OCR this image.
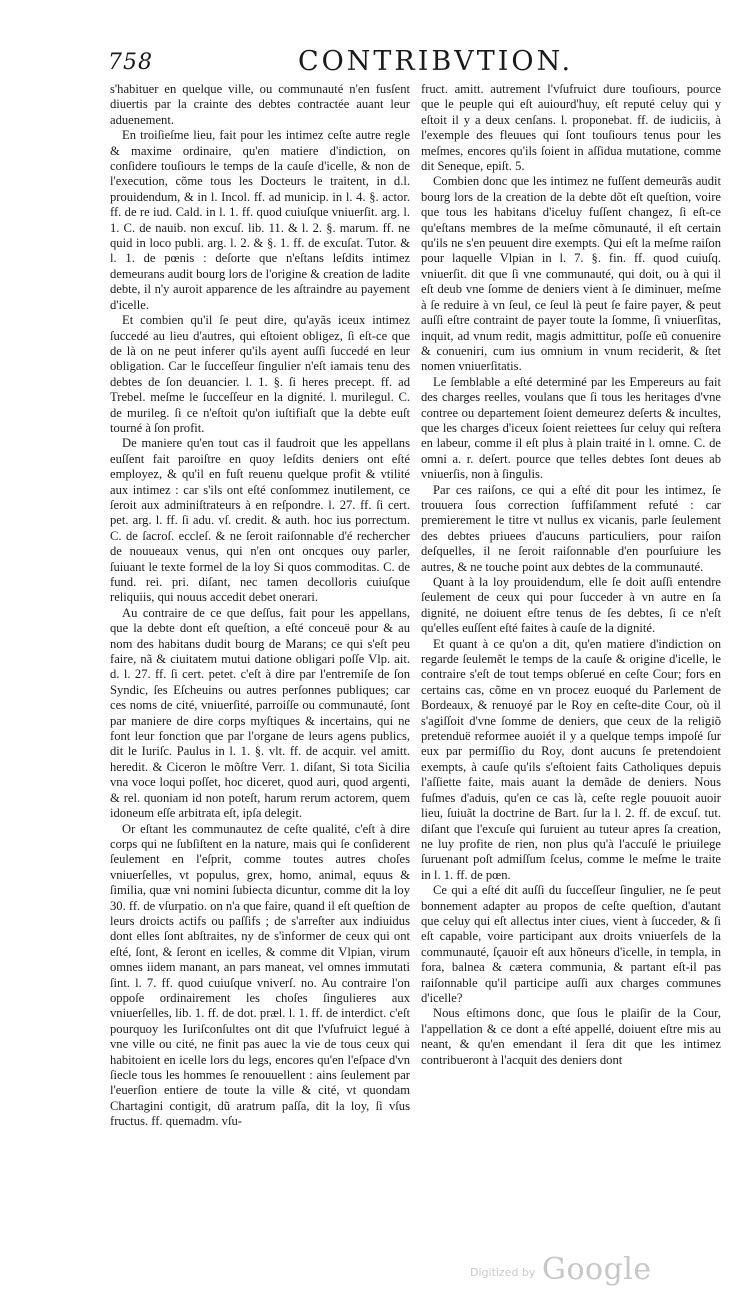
758	CONTRIBVTION.

s'habituer en quelque ville, ou communauté n'en fusſent diuertis par la crainte des debtes contractée auant leur aduenement.

En troiſieſme lieu, fait pour les intimez ceſte autre regle & maxime ordinaire, qu'en matiere d'indiction, on conſidere touſiours le temps de la cauſe d'icelle, & non de l'execution, cõme tous les Docteurs le traitent, in d.l. prouidendum, & in l. Incol. ff. ad municip. in l. 4. §. actor. ff. de re iud. Cald. in l. 1. ff. quod cuiuſque vniuerſit. arg. l. 1. C. de nauib. non excuſ. lib. 11. & l. 2. §. marum. ff. ne quid in loco publi. arg. l. 2. & §. 1. ff. de excuſat. Tutor. & l. 1. de pœnis : deſorte que n'eſtans leſdits intimez demeurans audit bourg lors de l'origine & creation de ladite debte, il n'y auroit apparence de les aſtraindre au payement d'icelle.

Et combien qu'il ſe peut dire, qu'ayãs iceux intimez ſuccedé au lieu d'autres, qui eſtoient obligez, ſi eſt-ce que de là on ne peut inferer qu'ils ayent auſſi ſuccedé en leur obligation. Car le ſucceſſeur ſingulier n'eſt iamais tenu des debtes de ſon deuancier. l. 1. §. ſi heres precept. ff. ad Trebel. meſme le ſucceſſeur en la dignité. l. murilegul. C. de murileg. ſi ce n'eſtoit qu'on iuſtifiaſt que la debte euſt tourné à ſon profit.

De maniere qu'en tout cas il faudroit que les appellans euſſent fait paroiſtre en quoy leſdits deniers ont eſté employez, & qu'il en fuſt reuenu quelque profit & vtilité aux intimez : car s'ils ont eſté conſommez inutilement, ce ſeroit aux adminiſtrateurs à en reſpondre. l. 27. ff. ſi cert. pet. arg. l. ff. ſi adu. vſ. credit. & auth. hoc ius porrectum. C. de ſacroſ. eccleſ. & ne ſeroit raiſonnable d'é rechercher de nouueaux venus, qui n'en ont oncques ouy parler, ſuiuant le texte formel de la loy Si quos commoditas. C. de fund. rei. pri. diſant, nec tamen decolloris cuiuſque reliquiis, qui nouus accedit debet onerari.

Au contraire de ce que deſſus, fait pour les appellans, que la debte dont eſt queſtion, a eſté conceuë pour & au nom des habitans dudit bourg de Marans; ce qui s'eſt peu faire, nã & ciuitatem mutui datione obligari poſſe Vlp. ait. d. l. 27. ff. ſi cert. petet. c'eſt à dire par l'entremiſe de ſon Syndic, ſes Eſcheuins ou autres perſonnes publiques; car ces noms de cité, vniuerſité, parroiſſe ou communauté, ſont par maniere de dire corps myſtiques & incertains, qui ne font leur fonction que par l'organe de leurs agens publics, dit le Iuriſc. Paulus in l. 1. §. vlt. ff. de acquir. vel amitt. heredit. & Ciceron le mõſtre Verr. 1. diſant, Si tota Sicilia vna voce loqui poſſet, hoc diceret, quod auri, quod argenti, & rel. quoniam id non poteſt, harum rerum actorem, quem idoneum eſſe arbitrata eſt, ipſa delegit.

Or eſtant les communautez de ceſte qualité, c'eſt à dire corps qui ne ſubſiſtent en la nature, mais qui ſe conſiderent ſeulement en l'eſprit, comme toutes autres choſes vniuerſelles, vt populus, grex, homo, animal, equus & ſimilia, quæ vni nomini ſubiecta dicuntur, comme dit la loy 30. ff. de vſurpatio. on n'a que faire, quand il eſt queſtion de leurs droicts actifs ou paſſifs ; de s'arreſter aux indiuidus dont elles ſont abſtraites, ny de s'informer de ceux qui ont eſté, ſont, & ſeront en icelles, & comme dit Vlpian, virum omnes iidem manant, an pars maneat, vel omnes immutati ſint. l. 7. ff. quod cuiuſque vniverſ. no. Au contraire l'on oppoſe ordinairement les choſes ſingulieres aux vniuerſelles, lib. 1. ff. de dot. præl. l. 1. ff. de interdict. c'eſt pourquoy les Iuriſconſultes ont dit que l'vſufruict legué à vne ville ou cité, ne finit pas auec la vie de tous ceux qui habitoient en icelle lors du legs, encores qu'en l'eſpace d'vn ſiecle tous les hommes ſe renouuellent : ains ſeulement par l'euerſion entiere de toute la ville & cité, vt quondam Chartagini contigit, dũ aratrum paſſa, dit la loy, ſi vſus fructus. ff. quemadm. vſu-

fruct. amitt. autrement l'vſufruict dure touſiours, pource que le peuple qui eſt auiourd'huy, eſt reputé celuy qui y eſtoit il y a deux cenſans. l. proponebat. ff. de iudiciis, à l'exemple des fleuues qui ſont touſiours tenus pour les meſmes, encores qu'ils ſoient in aſſidua mutatione, comme dit Seneque, epiſt. 5.

Combien donc que les intimez ne fuſſent demeurãs audit bourg lors de la creation de la debte dõt eſt queſtion, voire que tous les habitans d'iceluy fuſſent changez, ſi eſt-ce qu'eſtans membres de la meſme cõmunauté, il eſt certain qu'ils ne s'en peuuent dire exempts. Qui eſt la meſme raiſon pour laquelle Vlpian in l. 7. §. fin. ff. quod cuiuſq. vniuerſit. dit que ſi vne communauté, qui doit, ou à qui il eſt deub vne ſomme de deniers vient à ſe diminuer, meſme à ſe reduire à vn ſeul, ce ſeul là peut ſe faire payer, & peut auſſi eſtre contraint de payer toute la ſomme, ſi vniuerſitas, inquit, ad vnum redit, magis admittitur, poſſe eũ conuenire & conueniri, cum ius omnium in vnum reciderit, & ſtet nomen vniuerſitatis.

Le ſemblable a eſté determiné par les Empereurs au fait des charges reelles, voulans que ſi tous les heritages d'vne contree ou departement ſoient demeurez deſerts & incultes, que les charges d'iceux ſoient reiettees ſur celuy qui reſtera en labeur, comme il eſt plus à plain traité in l. omne. C. de omni a. r. deſert. pource que telles debtes ſont deues ab vniuerſis, non à ſingulis.

Par ces raiſons, ce qui a eſté dit pour les intimez, ſe trouuera ſous correction ſuffiſamment refuté : car premierement le titre vt nullus ex vicanis, parle ſeulement des debtes priuees d'aucuns particuliers, pour raiſon deſquelles, il ne ſeroit raiſonnable d'en pourſuiure les autres, & ne touche point aux debtes de la communauté.

Quant à la loy prouidendum, elle ſe doit auſſi entendre ſeulement de ceux qui pour ſucceder à vn autre en ſa dignité, ne doiuent eſtre tenus de ſes debtes, ſi ce n'eſt qu'elles euſſent eſté faites à cauſe de la dignité.

Et quant à ce qu'on a dit, qu'en matiere d'indiction on regarde ſeulemẽt le temps de la cauſe & origine d'icelle, le contraire s'eſt de tout temps obſerué en ceſte Cour; fors en certains cas, cõme en vn procez euoqué du Parlement de Bordeaux, & renuoyé par le Roy en ceſte-dite Cour, où il s'agiſſoit d'vne ſomme de deniers, que ceux de la religiõ pretenduë reformee auoiét il y a quelque temps impoſé ſur eux par permiſſio du Roy, dont aucuns ſe pretendoient exempts, à cauſe qu'ils s'eſtoient faits Catholiques depuis l'aſſiette faite, mais auant la demãde de deniers. Nous fuſmes d'aduis, qu'en ce cas là, ceſte regle pouuoit auoir lieu, ſuiuãt la doctrine de Bart. ſur la l. 2. ff. de excuſ. tut. diſant que l'excuſe qui ſuruient au tuteur apres ſa creation, ne luy profite de rien, non plus qu'à l'accuſé le priuilege ſuruenant poſt admiſſum ſcelus, comme le meſme le traite in l. 1. ff. de pœn.

Ce qui a eſté dit auſſi du ſucceſſeur ſingulier, ne ſe peut bonnement adapter au propos de ceſte queſtion, d'autant que celuy qui eſt allectus inter ciues, vient à ſucceder, & ſi eſt capable, voire participant aux droits vniuerſels de la communauté, ſçauoir eſt aux hõneurs d'icelle, in templa, in fora, balnea & cætera communia, & partant eſt-il pas raiſonnable qu'il participe auſſi aux charges communes d'icelle?

Nous eſtimons donc, que ſous le plaiſir de la Cour, l'appellation & ce dont a eſté appellé, doiuent eſtre mis au neant, & qu'en emendant il ſera dit que les intimez contribueront à l'acquit des deniers dont

Digitized by Google
